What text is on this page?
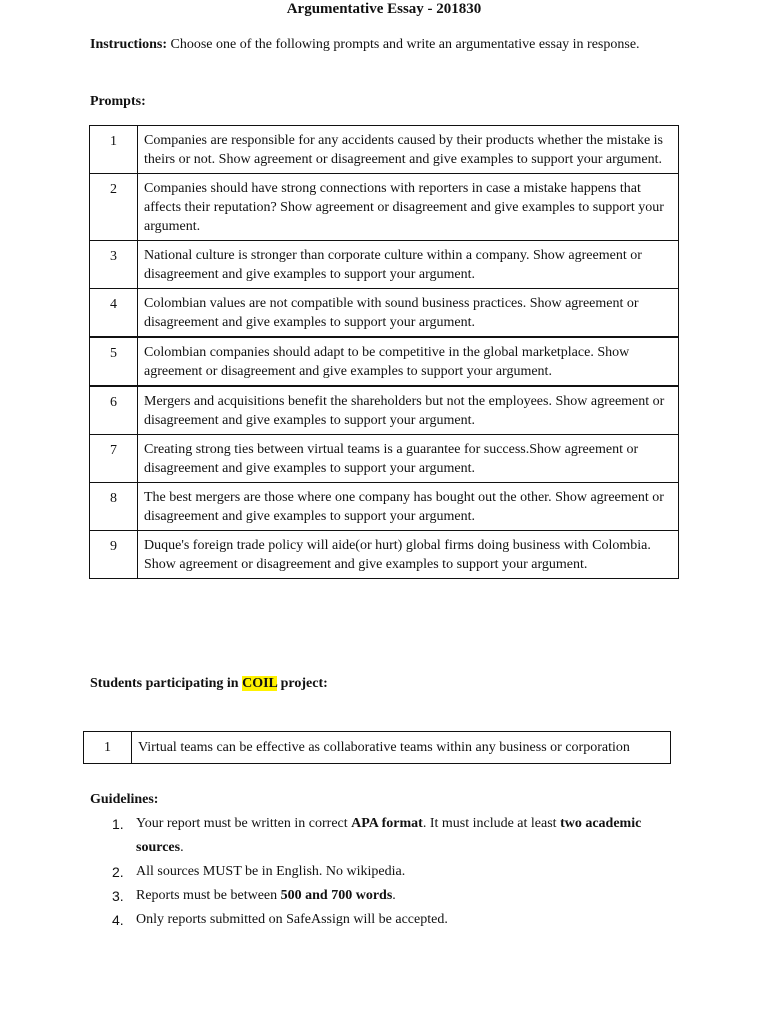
Argumentative Essay - 201830
Instructions: Choose one of the following prompts and write an argumentative essay in response.
Prompts:
1	Companies are responsible for any accidents caused by their products whether the mistake is theirs or not. Show agreement or disagreement and give examples to support your argument.
2	Companies should have strong connections with reporters in case a mistake happens that affects their reputation? Show agreement or disagreement and give examples to support your argument.
3	National culture is stronger than corporate culture within a company. Show agreement or disagreement and give examples to support your argument.
4	Colombian values are not compatible with sound business practices. Show agreement or disagreement and give examples to support your argument.
5	Colombian companies should adapt to be competitive in the global marketplace. Show agreement or disagreement and give examples to support your argument.
6	Mergers and acquisitions benefit the shareholders but not the employees. Show agreement or disagreement and give examples to support your argument.
7	Creating strong ties between virtual teams is a guarantee for success.Show agreement or disagreement and give examples to support your argument.
8	The best mergers are those where one company has bought out the other. Show agreement or disagreement and give examples to support your argument.
9	Duque's foreign trade policy will aide(or hurt) global firms doing business with Colombia. Show agreement or disagreement and give examples to support your argument.
Students participating in COIL project:
1	Virtual teams can be effective as collaborative teams within any business or corporation
Guidelines:
1. Your report must be written in correct APA format. It must include at least two academic sources.
2. All sources MUST be in English. No wikipedia.
3. Reports must be between 500 and 700 words.
4. Only reports submitted on SafeAssign will be accepted.
